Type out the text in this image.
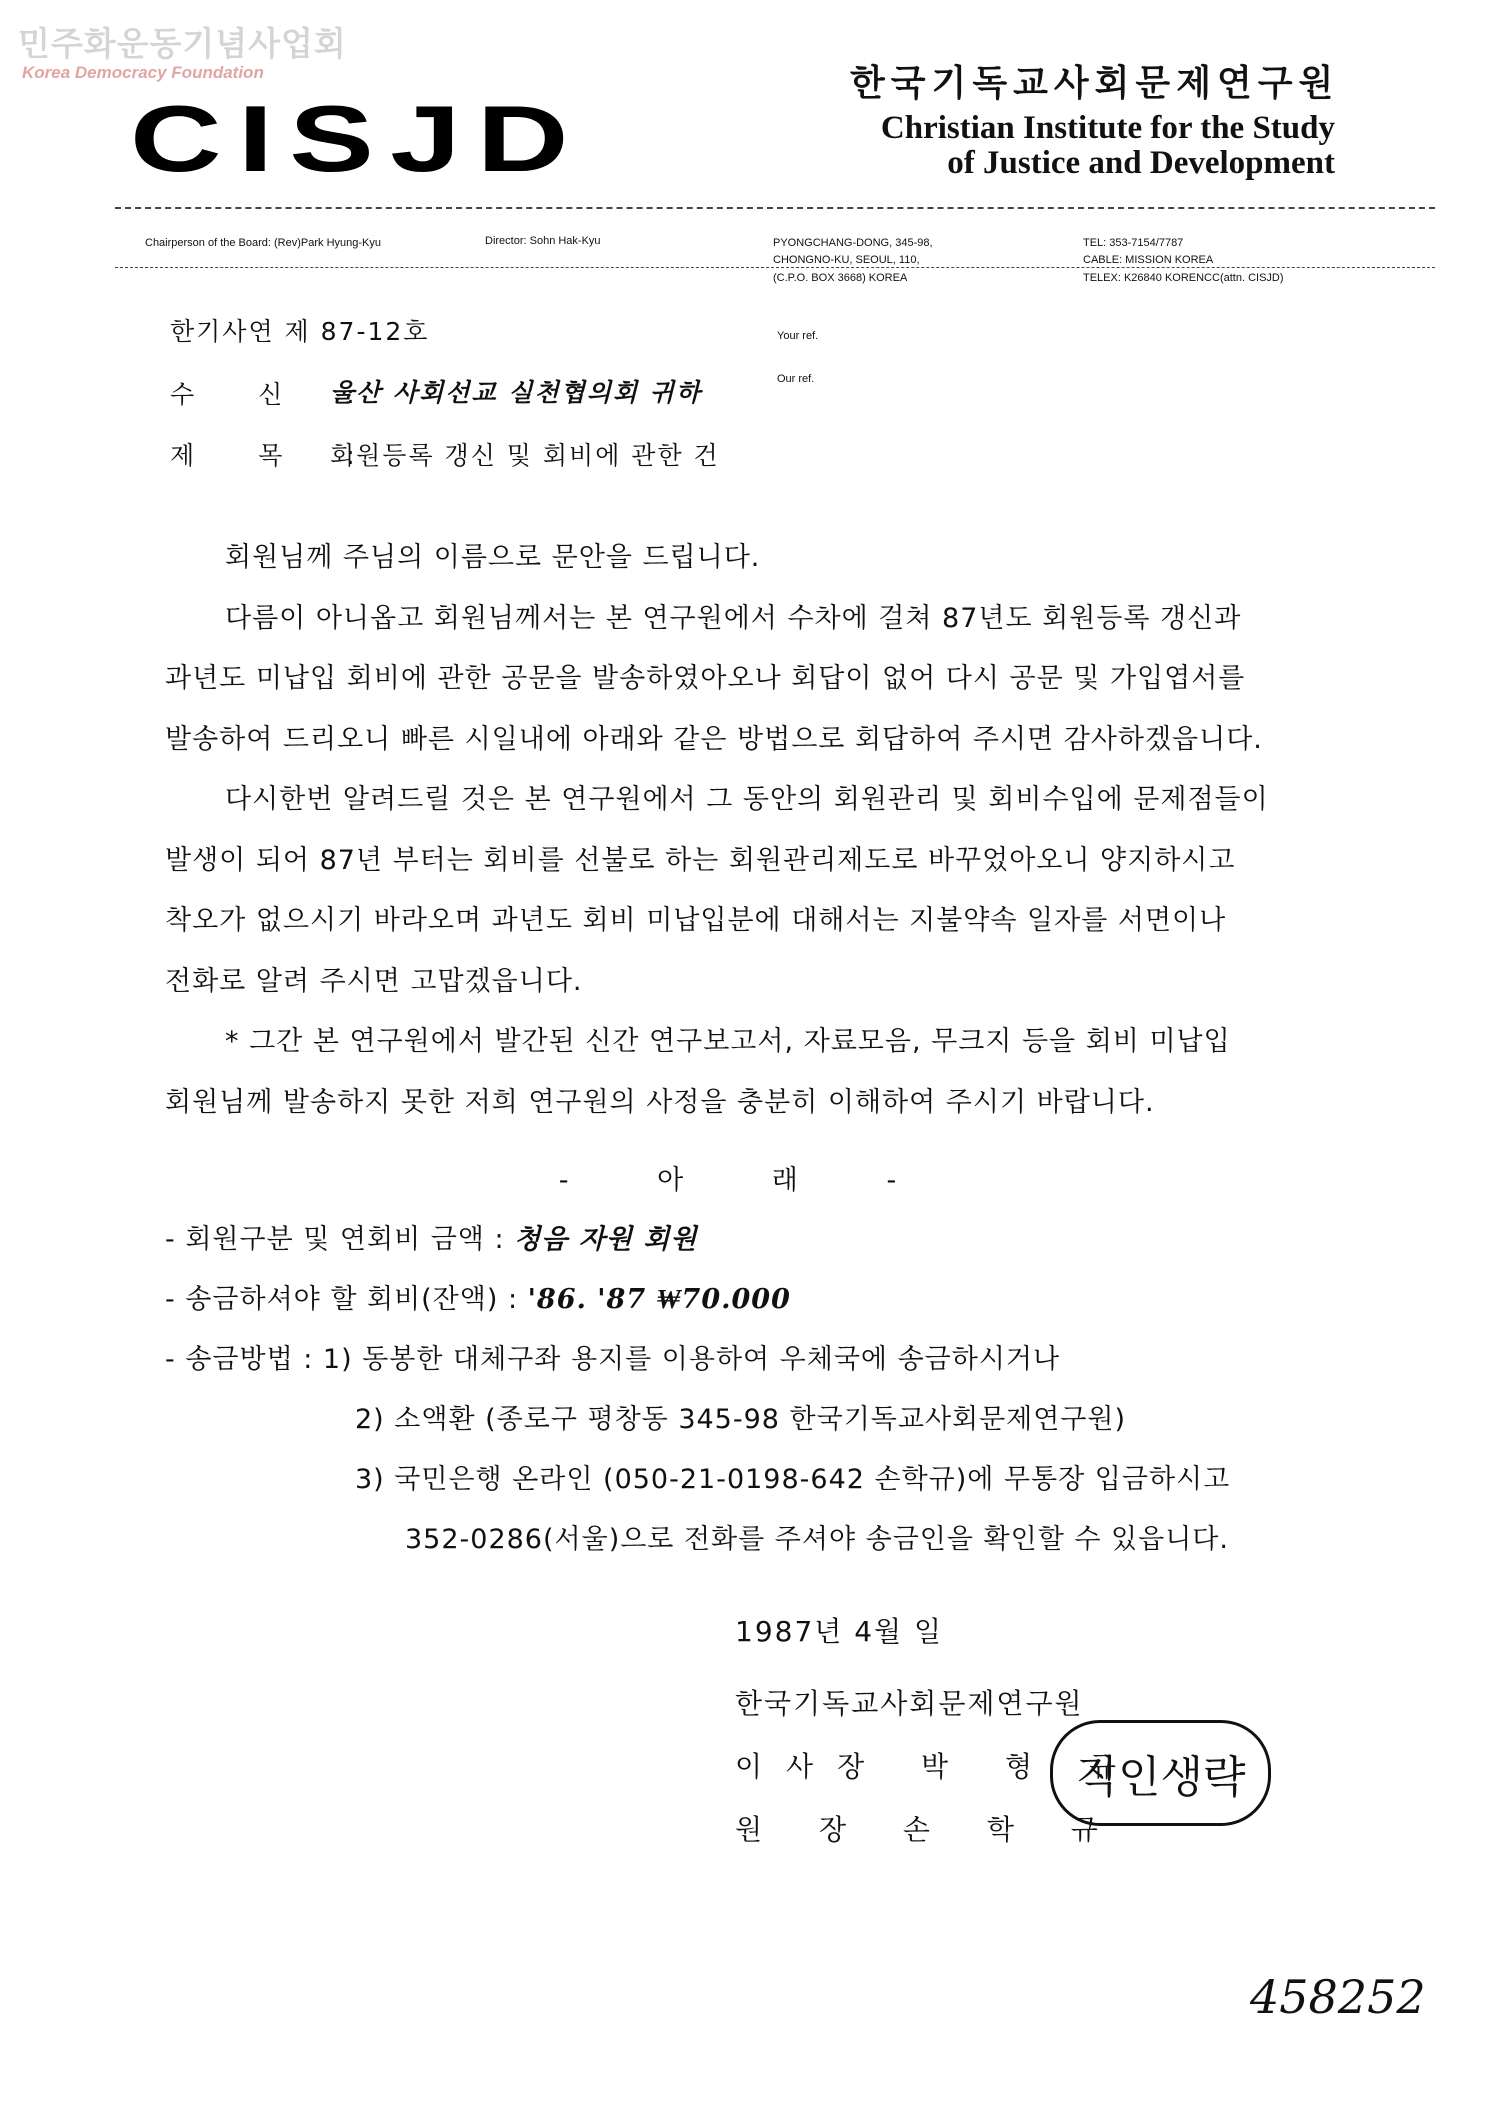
민주화운동기념사업회
Korea Democracy Foundation
CISJD
한국기독교사회문제연구원
Christian Institute for the Study
of Justice and Development
Chairperson of the Board: (Rev)Park Hyung-Kyu	Director: Sohn Hak-Kyu	PYONGCHANG-DONG, 345-98,
CHONGNO-KU, SEOUL, 110,
(C.P.O. BOX 3668) KOREA
TEL: 353-7154/7787
CABLE: MISSION KOREA
TELEX: K26840 KORENCC(attn. CISJD)
한기사연 제 87-12호	Your ref.
Our ref.
수 신 :
울산 사회선교 실천협의회 귀하
제 목 :
회원등록 갱신 및 회비에 관한 건

회원님께 주님의 이름으로 문안을 드립니다.

다름이 아니옵고 회원님께서는 본 연구원에서 수차에 걸쳐 87년도 회원등록 갱신과

과년도 미납입 회비에 관한 공문을 발송하였아오나 회답이 없어 다시 공문 및 가입엽서를

발송하여 드리오니 빠른 시일내에 아래와 같은 방법으로 회답하여 주시면 감사하겠읍니다.

다시한번 알려드릴 것은 본 연구원에서 그 동안의 회원관리 및 회비수입에 문제점들이

발생이 되어 87년 부터는 회비를 선불로 하는 회원관리제도로 바꾸었아오니 양지하시고

착오가 없으시기 바라오며 과년도 회비 미납입분에 대해서는 지불약속 일자를 서면이나

전화로 알려 주시면 고맙겠읍니다.

* 그간 본 연구원에서 발간된 신간 연구보고서, 자료모음, 무크지 등을 회비 미납입

회원님께 발송하지 못한 저희 연구원의 사정을 충분히 이해하여 주시기 바랍니다.

- 아 래 -
- 회원구분 및 연회비 금액 : 청음 자원 회원
- 송금하셔야 할 회비(잔액) : '86. '87 ₩70.000
- 송금방법 : 1) 동봉한 대체구좌 용지를 이용하여 우체국에 송금하시거나
2) 소액환 (종로구 평창동 345-98 한국기독교사회문제연구원)
3) 국민은행 온라인 (050-21-0198-642 손학규)에 무통장 입금하시고
352-0286(서울)으로 전화를 주셔야 송금인을 확인할 수 있읍니다.
1987년 4월 일
한국기독교사회문제연구원
이사장 박 형 규
원 장 손 학 규
직인생략
458252
